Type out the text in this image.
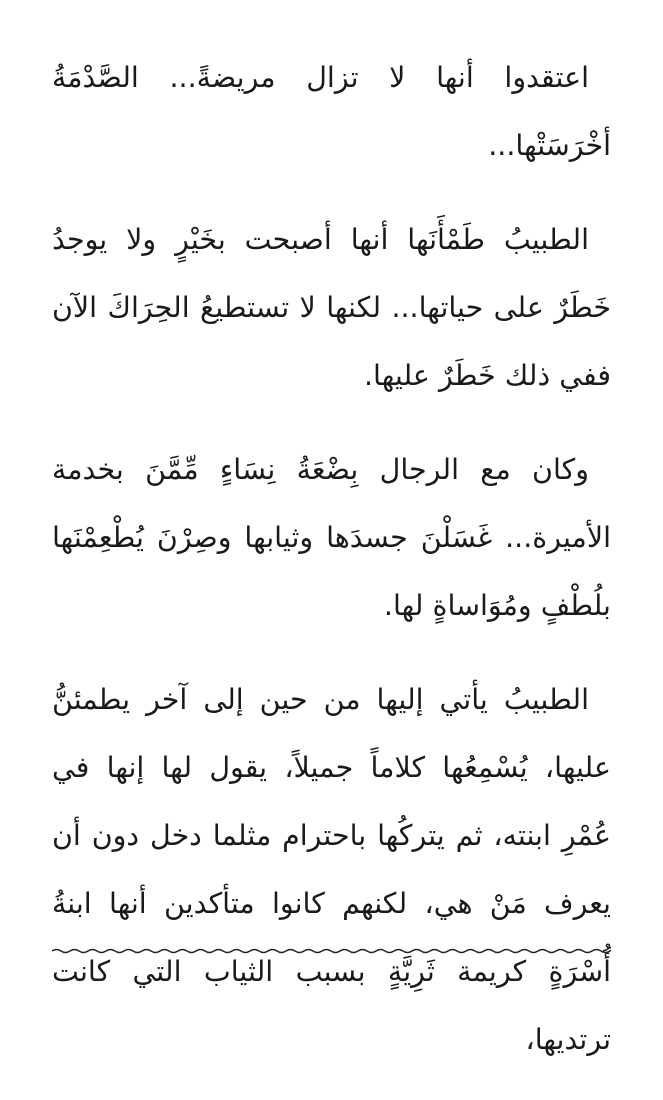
اعتقدوا أنها لا تزال مريضةً... الصَّدْمَةُ أخْرَسَتْها...

الطبيبُ طَمْأَنَها أنها أصبحت بخَيْرٍ ولا يوجدُ خَطَرٌ على حياتها... لكنها لا تستطيعُ الحِرَاكَ الآن ففي ذلك خَطَرٌ عليها.

وكان مع الرجال بِضْعَةُ نِسَاءٍ مِّمَّنَ بخدمة الأميرة... غَسَلْنَ جسدَها وثيابها وصِرْنَ يُطْعِمْنَها بلُطْفٍ ومُوَاساةٍ لها.

الطبيبُ يأتي إليها من حين إلى آخر يطمئنُّ عليها، يُسْمِعُها كلاماً جميلاً، يقول لها إنها في عُمْرِ ابنته، ثم يتركُها باحترام مثلما دخل دون أن يعرف مَنْ هي، لكنهم كانوا متأكدين أنها ابنةُ أُسْرَةٍ كريمة ثَرِيَّةٍ بسبب الثياب التي كانت ترتديها،
